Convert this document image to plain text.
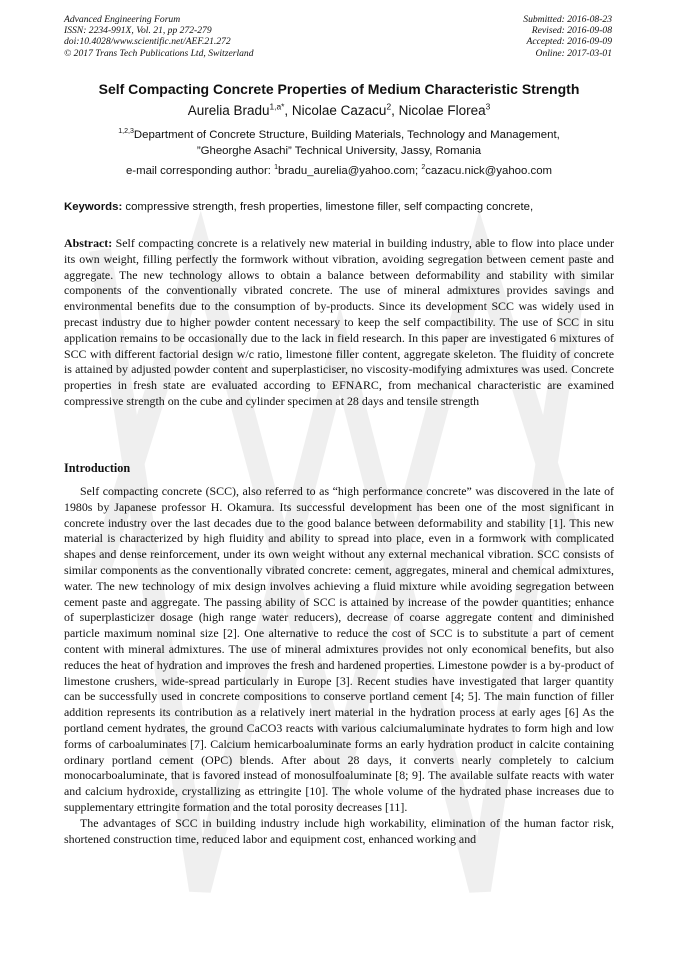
Advanced Engineering Forum
ISSN: 2234-991X, Vol. 21, pp 272-279
doi:10.4028/www.scientific.net/AEF.21.272
© 2017 Trans Tech Publications Ltd, Switzerland
Submitted: 2016-08-23
Revised: 2016-09-08
Accepted: 2016-09-09
Online: 2017-03-01
Self Compacting Concrete Properties of Medium Characteristic Strength
Aurelia Bradu$^{1,a*}$, Nicolae Cazacu$^2$, Nicolae Florea$^3$
$^{1,2,3}$Department of Concrete Structure, Building Materials, Technology and Management,
”Gheorghe Asachi” Technical University, Jassy, Romania
e-mail corresponding author: $^1$bradu_aurelia@yahoo.com; $^2$cazacu.nick@yahoo.com
Keywords: compressive strength, fresh properties, limestone filler, self compacting concrete,
Abstract: Self compacting concrete is a relatively new material in building industry, able to flow into place under its own weight, filling perfectly the formwork without vibration, avoiding segregation between cement paste and aggregate. The new technology allows to obtain a balance between deformability and stability with similar components of the conventionally vibrated concrete. The use of mineral admixtures provides savings and environmental benefits due to the consumption of by-products. Since its development SCC was widely used in precast industry due to higher powder content necessary to keep the self compactibility. The use of SCC in situ application remains to be occasionally due to the lack in field research. In this paper are investigated 6 mixtures of SCC with different factorial design w/c ratio, limestone filler content, aggregate skeleton. The fluidity of concrete is attained by adjusted powder content and superplasticiser, no viscosity-modifying admixtures was used. Concrete properties in fresh state are evaluated according to EFNARC, from mechanical characteristic are examined compressive strength on the cube and cylinder specimen at 28 days and tensile strength
Introduction

Self compacting concrete (SCC), also referred to as “high performance concrete” was discovered in the late of 1980s by Japanese professor H. Okamura. Its successful development has been one of the most significant in concrete industry over the last decades due to the good balance between deformability and stability [1]. This new material is characterized by high fluidity and ability to spread into place, even in a formwork with complicated shapes and dense reinforcement, under its own weight without any external mechanical vibration. SCC consists of similar components as the conventionally vibrated concrete: cement, aggregates, mineral and chemical admixtures, water. The new technology of mix design involves achieving a fluid mixture while avoiding segregation between cement paste and aggregate. The passing ability of SCC is attained by increase of the powder quantities; enhance of superplasticizer dosage (high range water reducers), decrease of coarse aggregate content and diminished particle maximum nominal size [2]. One alternative to reduce the cost of SCC is to substitute a part of cement content with mineral admixtures. The use of mineral admixtures provides not only economical benefits, but also reduces the heat of hydration and improves the fresh and hardened properties. Limestone powder is a by-product of limestone crushers, wide-spread particularly in Europe [3]. Recent studies have investigated that larger quantity can be successfully used in concrete compositions to conserve portland cement [4; 5]. The main function of filler addition represents its contribution as a relatively inert material in the hydration process at early ages [6] As the portland cement hydrates, the ground CaCO3 reacts with various calciumaluminate hydrates to form high and low forms of carboaluminates [7]. Calcium hemicarboaluminate forms an early hydration product in calcite containing ordinary portland cement (OPC) blends. After about 28 days, it converts nearly completely to calcium monocarboaluminate, that is favored instead of monosulfoaluminate [8; 9]. The available sulfate reacts with water and calcium hydroxide, crystallizing as ettringite [10]. The whole volume of the hydrated phase increases due to supplementary ettringite formation and the total porosity decreases [11].

The advantages of SCC in building industry include high workability, elimination of the human factor risk, shortened construction time, reduced labor and equipment cost, enhanced working and
